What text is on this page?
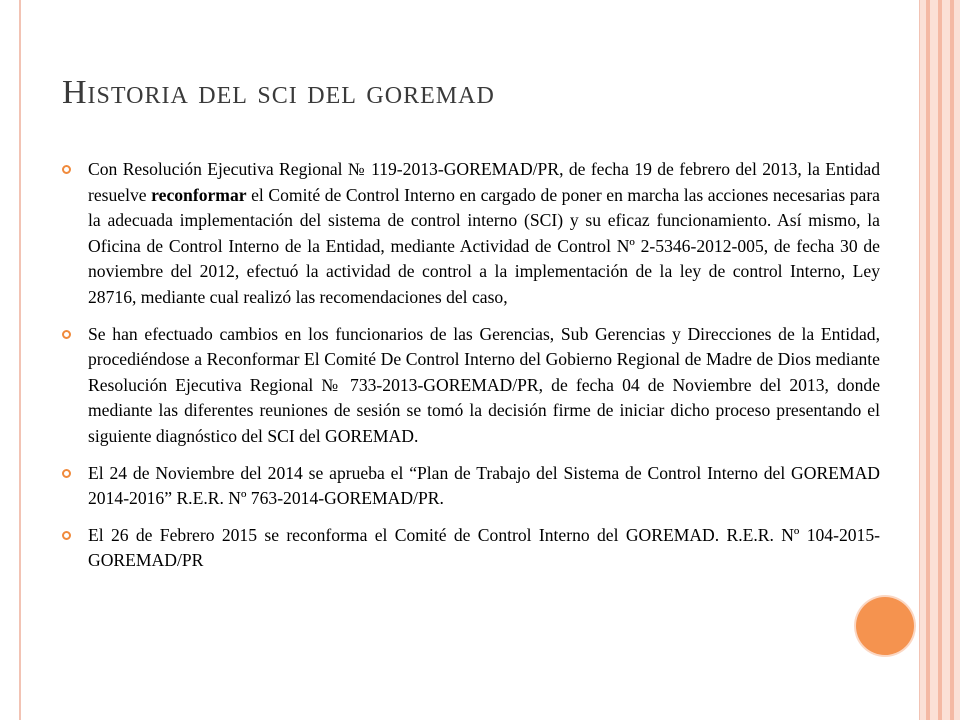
Historia del sci del goremad
Con Resolución Ejecutiva Regional № 119-2013-GOREMAD/PR, de fecha 19 de febrero del 2013, la Entidad resuelve reconformar el Comité de Control Interno en cargado de poner en marcha las acciones necesarias para la adecuada implementación del sistema de control interno (SCI) y su eficaz funcionamiento. Así mismo, la Oficina de Control Interno de la Entidad, mediante Actividad de Control Nº 2-5346-2012-005, de fecha 30 de noviembre del 2012, efectuó la actividad de control a la implementación de la ley de control Interno, Ley 28716, mediante cual realizó las recomendaciones del caso,
Se han efectuado cambios en los funcionarios de las Gerencias, Sub Gerencias y Direcciones de la Entidad, procediéndose a Reconformar El Comité De Control Interno del Gobierno Regional de Madre de Dios mediante Resolución Ejecutiva Regional № 733-2013-GOREMAD/PR, de fecha 04 de Noviembre del 2013, donde mediante las diferentes reuniones de sesión se tomó la decisión firme de iniciar dicho proceso presentando el siguiente diagnóstico del SCI del GOREMAD.
El 24 de Noviembre del 2014 se aprueba el “Plan de Trabajo del Sistema de Control Interno del GOREMAD 2014-2016” R.E.R. Nº 763-2014-GOREMAD/PR.
El 26 de Febrero 2015 se reconforma el Comité de Control Interno del GOREMAD. R.E.R. Nº 104-2015-GOREMAD/PR
